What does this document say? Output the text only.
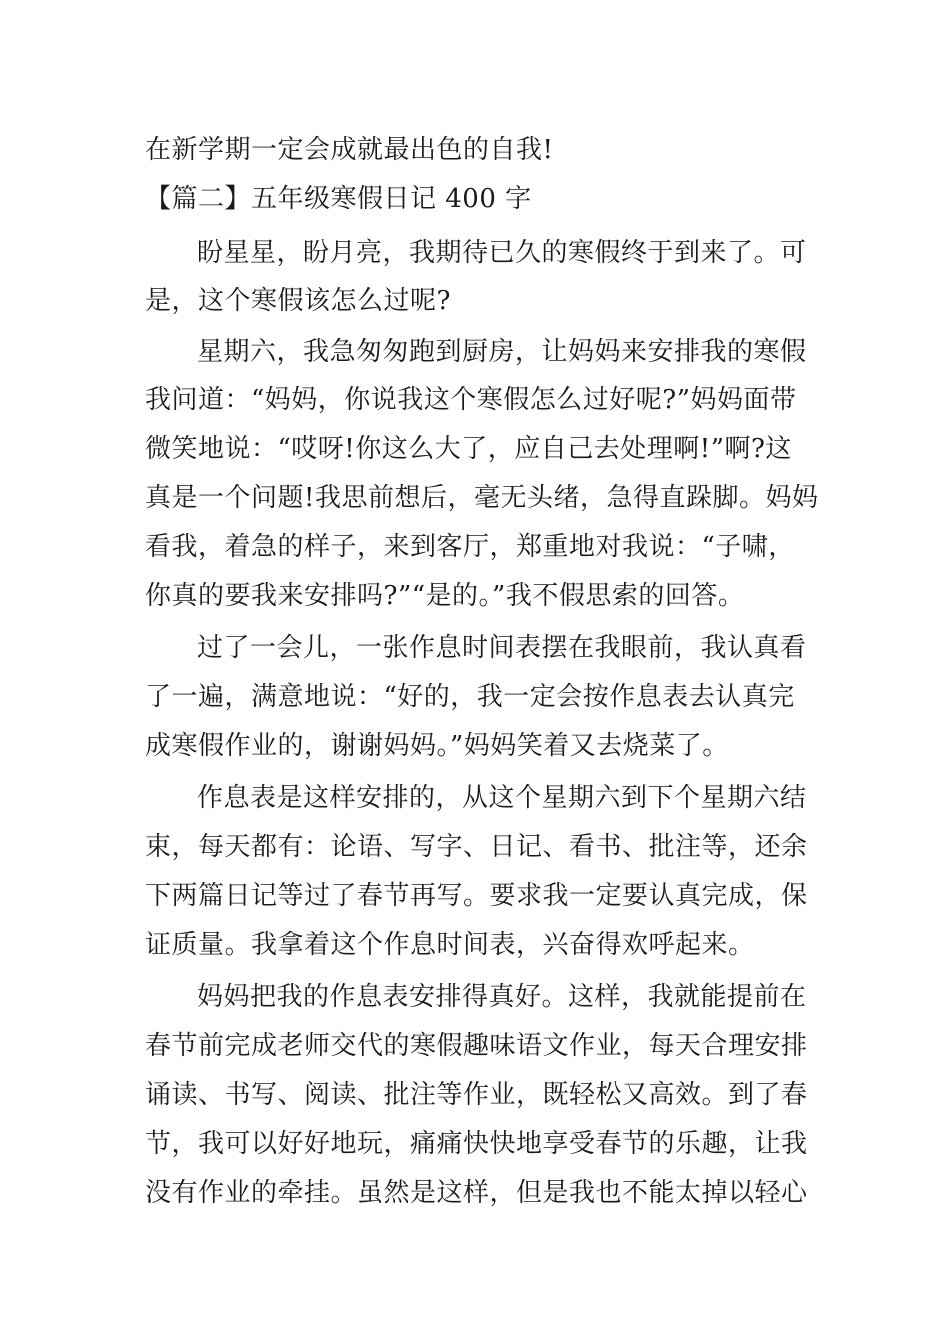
在新学期一定会成就最出色的自我!
【篇二】五年级寒假日记 400 字
盼星星，盼月亮，我期待已久的寒假终于到来了。可
是，这个寒假该怎么过呢?
星期六，我急匆匆跑到厨房，让妈妈来安排我的寒假
我问道：“妈妈，你说我这个寒假怎么过好呢?”妈妈面带
微笑地说：“哎呀!你这么大了，应自己去处理啊!”啊?这
真是一个问题!我思前想后，毫无头绪，急得直跺脚。妈妈
看我，着急的样子，来到客厅，郑重地对我说：“子啸，
你真的要我来安排吗?”“是的。”我不假思索的回答。
过了一会儿，一张作息时间表摆在我眼前，我认真看
了一遍，满意地说：“好的，我一定会按作息表去认真完
成寒假作业的，谢谢妈妈。”妈妈笑着又去烧菜了。
作息表是这样安排的，从这个星期六到下个星期六结
束，每天都有：论语、写字、日记、看书、批注等，还余
下两篇日记等过了春节再写。要求我一定要认真完成，保
证质量。我拿着这个作息时间表，兴奋得欢呼起来。
妈妈把我的作息表安排得真好。这样，我就能提前在
春节前完成老师交代的寒假趣味语文作业，每天合理安排
诵读、书写、阅读、批注等作业，既轻松又高效。到了春
节，我可以好好地玩，痛痛快快地享受春节的乐趣，让我
没有作业的牵挂。虽然是这样，但是我也不能太掉以轻心
